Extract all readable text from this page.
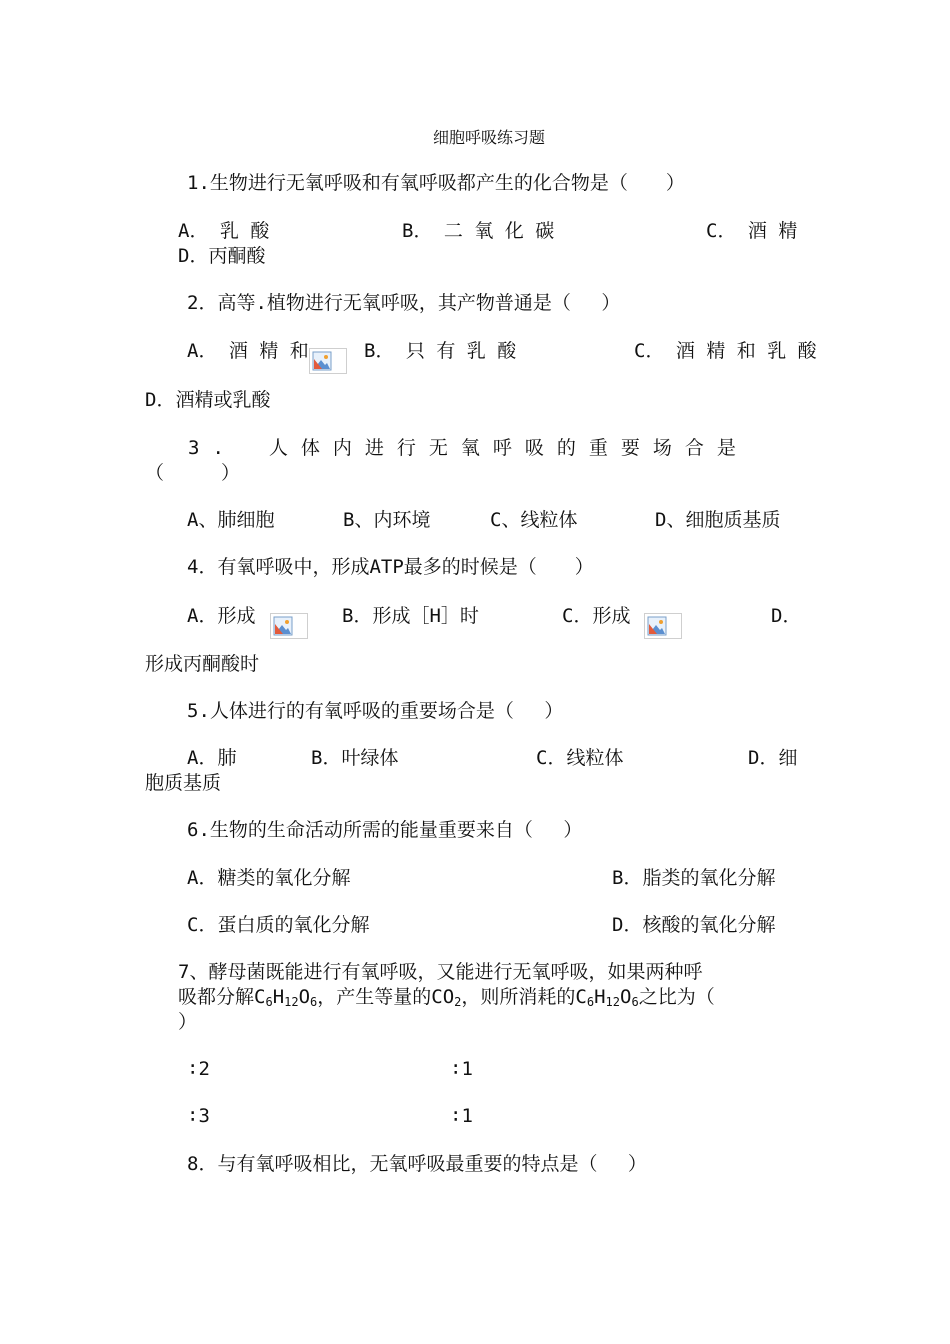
细胞呼吸练习题
1.生物进行无氧呼吸和有氧呼吸都产生的化合物是（　　）
A． 乳 酸	B． 二 氧 化 碳	C． 酒 精
D．丙酮酸
2．高等.植物进行无氧呼吸，其产物普通是（　 ）
A． 酒 精 和	B． 只 有 乳 酸	C． 酒 精 和 乳 酸
D．酒精或乳酸
3.　人体内进行无氧呼吸的重要场合是
（　　　）
A、肺细胞	B、内环境	C、线粒体	D、细胞质基质
4．有氧呼吸中，形成ATP最多的时候是（　　）
A．形成	B．形成［H］时	C．形成	D．
形成丙酮酸时
5.人体进行的有氧呼吸的重要场合是（　 ）
A．肺	B．叶绿体	C．线粒体	D．细
胞质基质
6.生物的生命活动所需的能量重要来自（　 ）
A．糖类的氧化分解	B．脂类的氧化分解
C．蛋白质的氧化分解	D．核酸的氧化分解
7、酵母菌既能进行有氧呼吸，又能进行无氧呼吸，如果两种呼
吸都分解$C_6H_{12}O_6$，产生等量的$CO_2$，则所消耗的$C_6H_{12}O_6$之比为（
）
∶2	∶1
∶3	∶1
8．与有氧呼吸相比，无氧呼吸最重要的特点是（　 ）
